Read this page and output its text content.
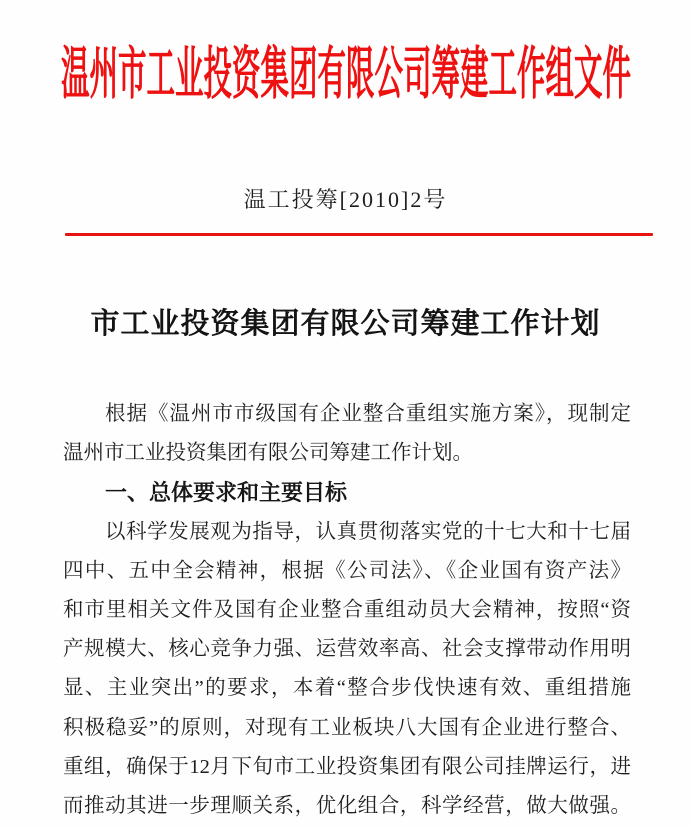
温州市工业投资集团有限公司筹建工作组文件
温工投筹[2010]2号
市工业投资集团有限公司筹建工作计划
根据《温州市市级国有企业整合重组实施方案》，现制定
温州市工业投资集团有限公司筹建工作计划。
一、总体要求和主要目标
以科学发展观为指导，认真贯彻落实党的十七大和十七届
四中、五中全会精神，根据《公司法》、《企业国有资产法》
和市里相关文件及国有企业整合重组动员大会精神，按照“资
产规模大、核心竞争力强、运营效率高、社会支撑带动作用明
显、主业突出”的要求，本着“整合步伐快速有效、重组措施
积极稳妥”的原则，对现有工业板块八大国有企业进行整合、
重组，确保于12月下旬市工业投资集团有限公司挂牌运行，进
而推动其进一步理顺关系，优化组合，科学经营，做大做强。
